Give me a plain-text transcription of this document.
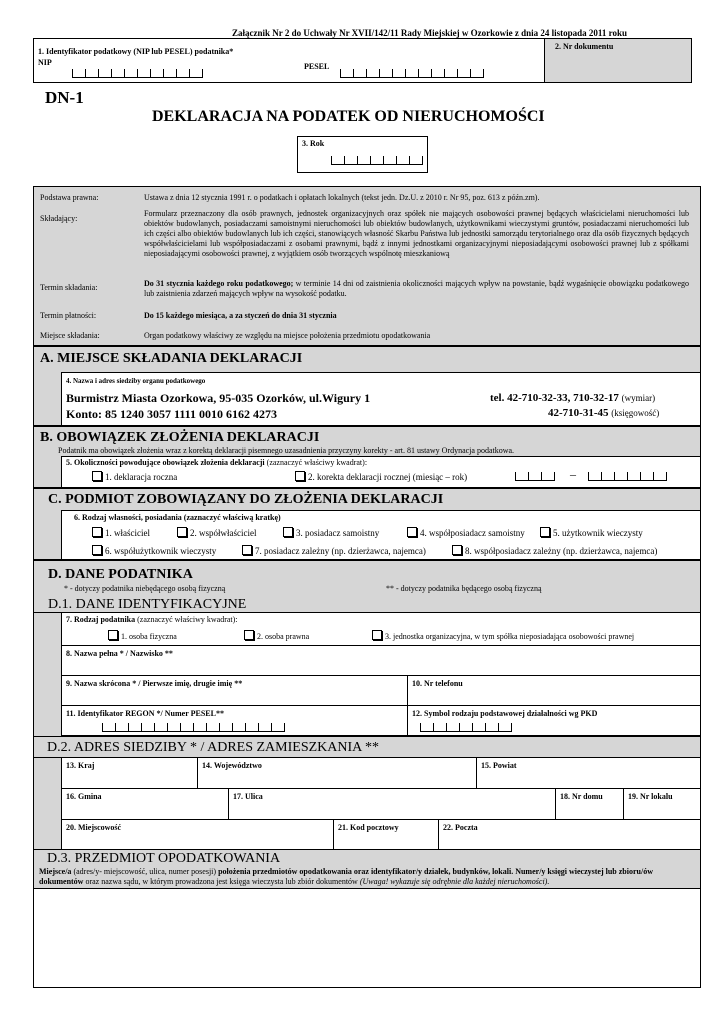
Załącznik Nr 2 do Uchwały Nr XVII/142/11 Rady Miejskiej w Ozorkowie z dnia 24 listopada 2011 roku
1. Identyfikator podatkowy (NIP lub PESEL) podatnika*
NIP	PESEL
2. Nr dokumentu
DN-1
DEKLARACJA NA PODATEK OD NIERUCHOMOŚCI
3. Rok
Podstawa prawna:	Ustawa z dnia 12 stycznia 1991 r. o podatkach i opłatach lokalnych (tekst jedn. Dz.U. z 2010 r. Nr 95, poz. 613 z późn.zm).
Składający:
Formularz przeznaczony dla osób prawnych, jednostek organizacyjnych oraz spółek nie mających osobowości prawnej będących właścicielami nieruchomości lub obiektów budowlanych, posiadaczami samoistnymi nieruchomości lub obiektów budowlanych, użytkownikami wieczystymi gruntów, posiadaczami nieruchomości lub ich części albo obiektów budowlanych lub ich części, stanowiących własność Skarbu Państwa lub jednostki samorządu terytorialnego oraz dla osób fizycznych będących współwłaścicielami lub współposiadaczami z osobami prawnymi, bądź z innymi jednostkami organizacyjnymi nieposiadającymi osobowości prawnej lub z spółkami nieposiadającymi osobowości prawnej, z wyjątkiem osób tworzących wspólnotę mieszkaniową
Termin składania:	Do 31 stycznia każdego roku podatkowego; w terminie 14 dni od zaistnienia okoliczności mających wpływ na powstanie, bądź wygaśnięcie obowiązku podatkowego lub zaistnienia zdarzeń mających wpływ na wysokość podatku.
Termin płatności:	Do 15 każdego miesiąca, a za styczeń do dnia 31 stycznia
Miejsce składania:	Organ podatkowy właściwy ze względu na miejsce położenia przedmiotu opodatkowania
A. MIEJSCE SKŁADANIA DEKLARACJI
4. Nazwa i adres siedziby organu podatkowego
Burmistrz Miasta Ozorkowa, 95-035 Ozorków, ul.Wigury 1	tel. 42-710-32-33, 710-32-17 (wymiar)
Konto: 85 1240 3057 1111 0010 6162 4273	42-710-31-45 (księgowość)
B. OBOWIĄZEK ZŁOŻENIA DEKLARACJI
Podatnik ma obowiązek złożenia wraz z korektą deklaracji pisemnego uzasadnienia przyczyny korekty - art. 81 ustawy Ordynacja podatkowa.
5. Okoliczności powodujące obowiązek złożenia deklaracji (zaznaczyć właściwy kwadrat):
1. deklaracja roczna	2. korekta deklaracji rocznej (miesiąc – rok)	–
C. PODMIOT ZOBOWIĄZANY DO ZŁOŻENIA DEKLARACJI
6. Rodzaj własności, posiadania (zaznaczyć właściwą kratkę)
1. właściciel	2. współwłaściciel	3. posiadacz samoistny	4. współposiadacz samoistny	5. użytkownik wieczysty
6. współużytkownik wieczysty	7. posiadacz zależny (np. dzierżawca, najemca)	8. współposiadacz zależny (np. dzierżawca, najemca)
D. DANE PODATNIKA
* - dotyczy podatnika niebędącego osobą fizyczną	** - dotyczy podatnika będącego osobą fizyczną
D.1. DANE IDENTYFIKACYJNE
7. Rodzaj podatnika (zaznaczyć właściwy kwadrat):
1. osoba fizyczna	2. osoba prawna	3. jednostka organizacyjna, w tym spółka nieposiadająca osobowości prawnej
8. Nazwa pełna * / Nazwisko **
9. Nazwa skrócona * / Pierwsze imię, drugie imię **	10. Nr telefonu
11. Identyfikator REGON */ Numer PESEL**	12. Symbol rodzaju podstawowej działalności wg PKD
D.2. ADRES SIEDZIBY * / ADRES ZAMIESZKANIA **
13. Kraj	14. Województwo	15. Powiat
16. Gmina	17. Ulica	18. Nr domu	19. Nr lokalu
20. Miejscowość	21. Kod pocztowy	22. Poczta
D.3. PRZEDMIOT OPODATKOWANIA
Miejsce/a (adres/y- miejscowość, ulica, numer posesji) położenia przedmiotów opodatkowania oraz identyfikator/y działek, budynków, lokali. Numer/y księgi wieczystej lub zbioru/ów dokumentów oraz nazwa sądu, w którym prowadzona jest księga wieczysta lub zbiór dokumentów (Uwaga! wykazuje się odrębnie dla każdej nieruchomości).
